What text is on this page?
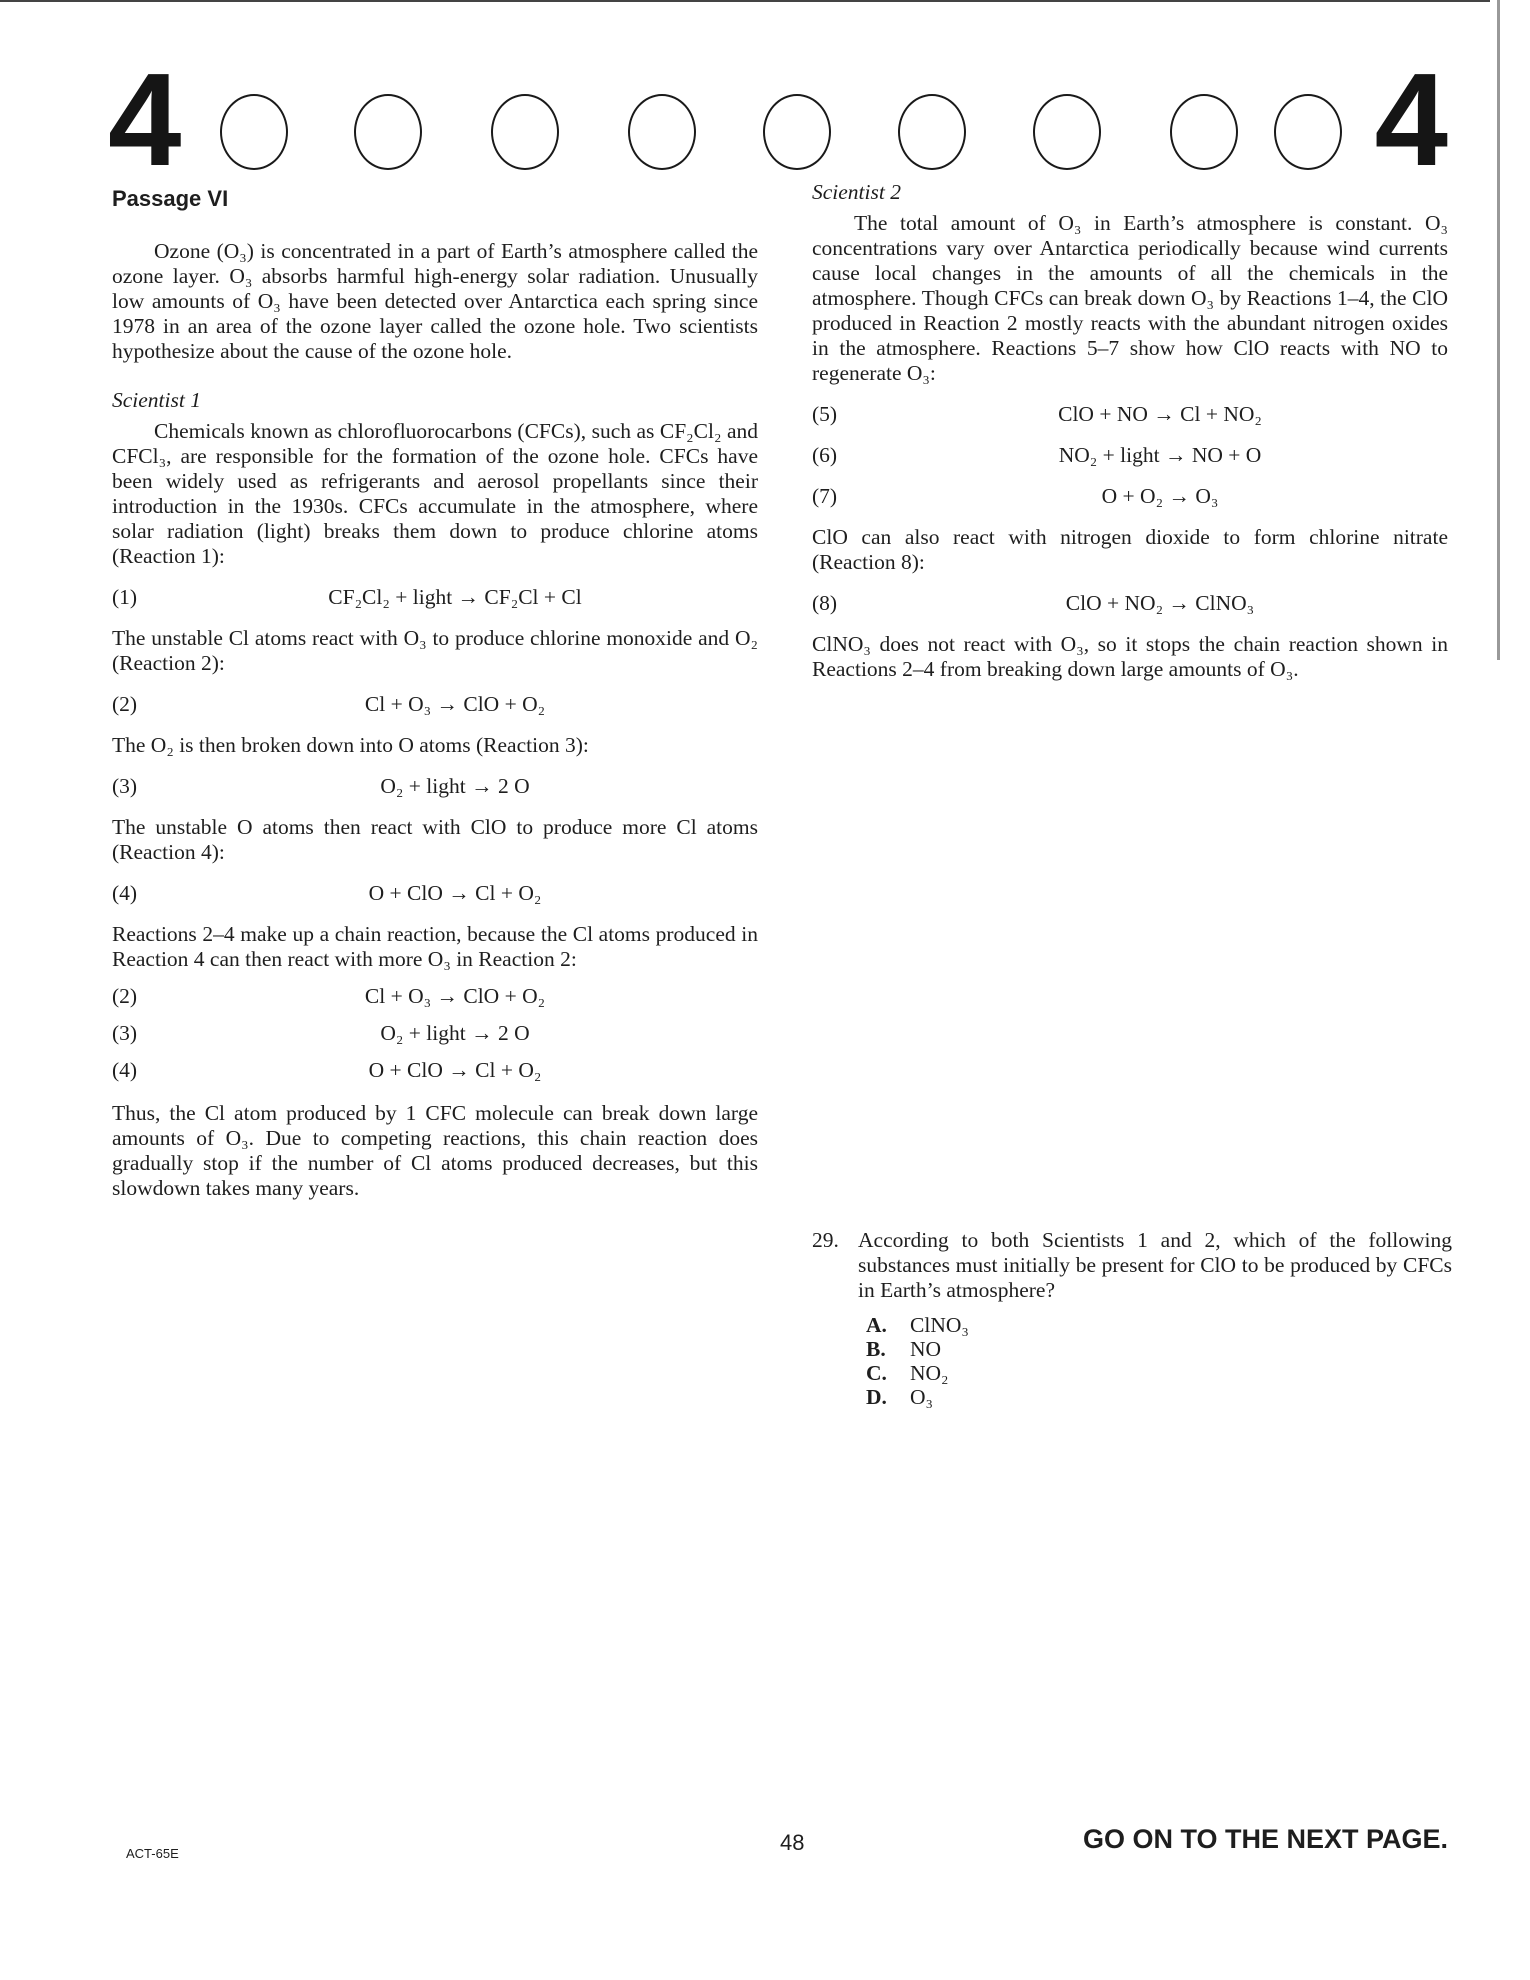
4	4
Passage VI

Ozone (O₃) is concentrated in a part of Earth’s atmosphere called the ozone layer. O₃ absorbs harmful high-energy solar radiation. Unusually low amounts of O₃ have been detected over Antarctica each spring since 1978 in an area of the ozone layer called the ozone hole. Two scientists hypothesize about the cause of the ozone hole.

Scientist 1

Chemicals known as chlorofluorocarbons (CFCs), such as CF₂Cl₂ and CFCl₃, are responsible for the formation of the ozone hole. CFCs have been widely used as refrigerants and aerosol propellants since their introduction in the 1930s. CFCs accumulate in the atmosphere, where solar radiation (light) breaks them down to produce chlorine atoms (Reaction 1):

(1)	CF₂Cl₂ + light → CF₂Cl + Cl

The unstable Cl atoms react with O₃ to produce chlorine monoxide and O₂ (Reaction 2):

(2)	Cl + O₃ → ClO + O₂

The O₂ is then broken down into O atoms (Reaction 3):

(3)	O₂ + light → 2 O

The unstable O atoms then react with ClO to produce more Cl atoms (Reaction 4):

(4)	O + ClO → Cl + O₂

Reactions 2–4 make up a chain reaction, because the Cl atoms produced in Reaction 4 can then react with more O₃ in Reaction 2:

(2)	Cl + O₃ → ClO + O₂
(3)	O₂ + light → 2 O
(4)	O + ClO → Cl + O₂

Thus, the Cl atom produced by 1 CFC molecule can break down large amounts of O₃. Due to competing reactions, this chain reaction does gradually stop if the number of Cl atoms produced decreases, but this slowdown takes many years.

Scientist 2

The total amount of O₃ in Earth’s atmosphere is constant. O₃ concentrations vary over Antarctica periodically because wind currents cause local changes in the amounts of all the chemicals in the atmosphere. Though CFCs can break down O₃ by Reactions 1–4, the ClO produced in Reaction 2 mostly reacts with the abundant nitrogen oxides in the atmosphere. Reactions 5–7 show how ClO reacts with NO to regenerate O₃:

(5)	ClO + NO → Cl + NO₂
(6)	NO₂ + light → NO + O
(7)	O + O₂ → O₃

ClO can also react with nitrogen dioxide to form chlorine nitrate (Reaction 8):

(8)	ClO + NO₂ → ClNO₃

ClNO₃ does not react with O₃, so it stops the chain reaction shown in Reactions 2–4 from breaking down large amounts of O₃.

29. According to both Scientists 1 and 2, which of the following substances must initially be present for ClO to be produced by CFCs in Earth’s atmosphere?
A.	ClNO₃
B.	NO
C.	NO₂
D.	O₃
ACT-65E	48	GO ON TO THE NEXT PAGE.
